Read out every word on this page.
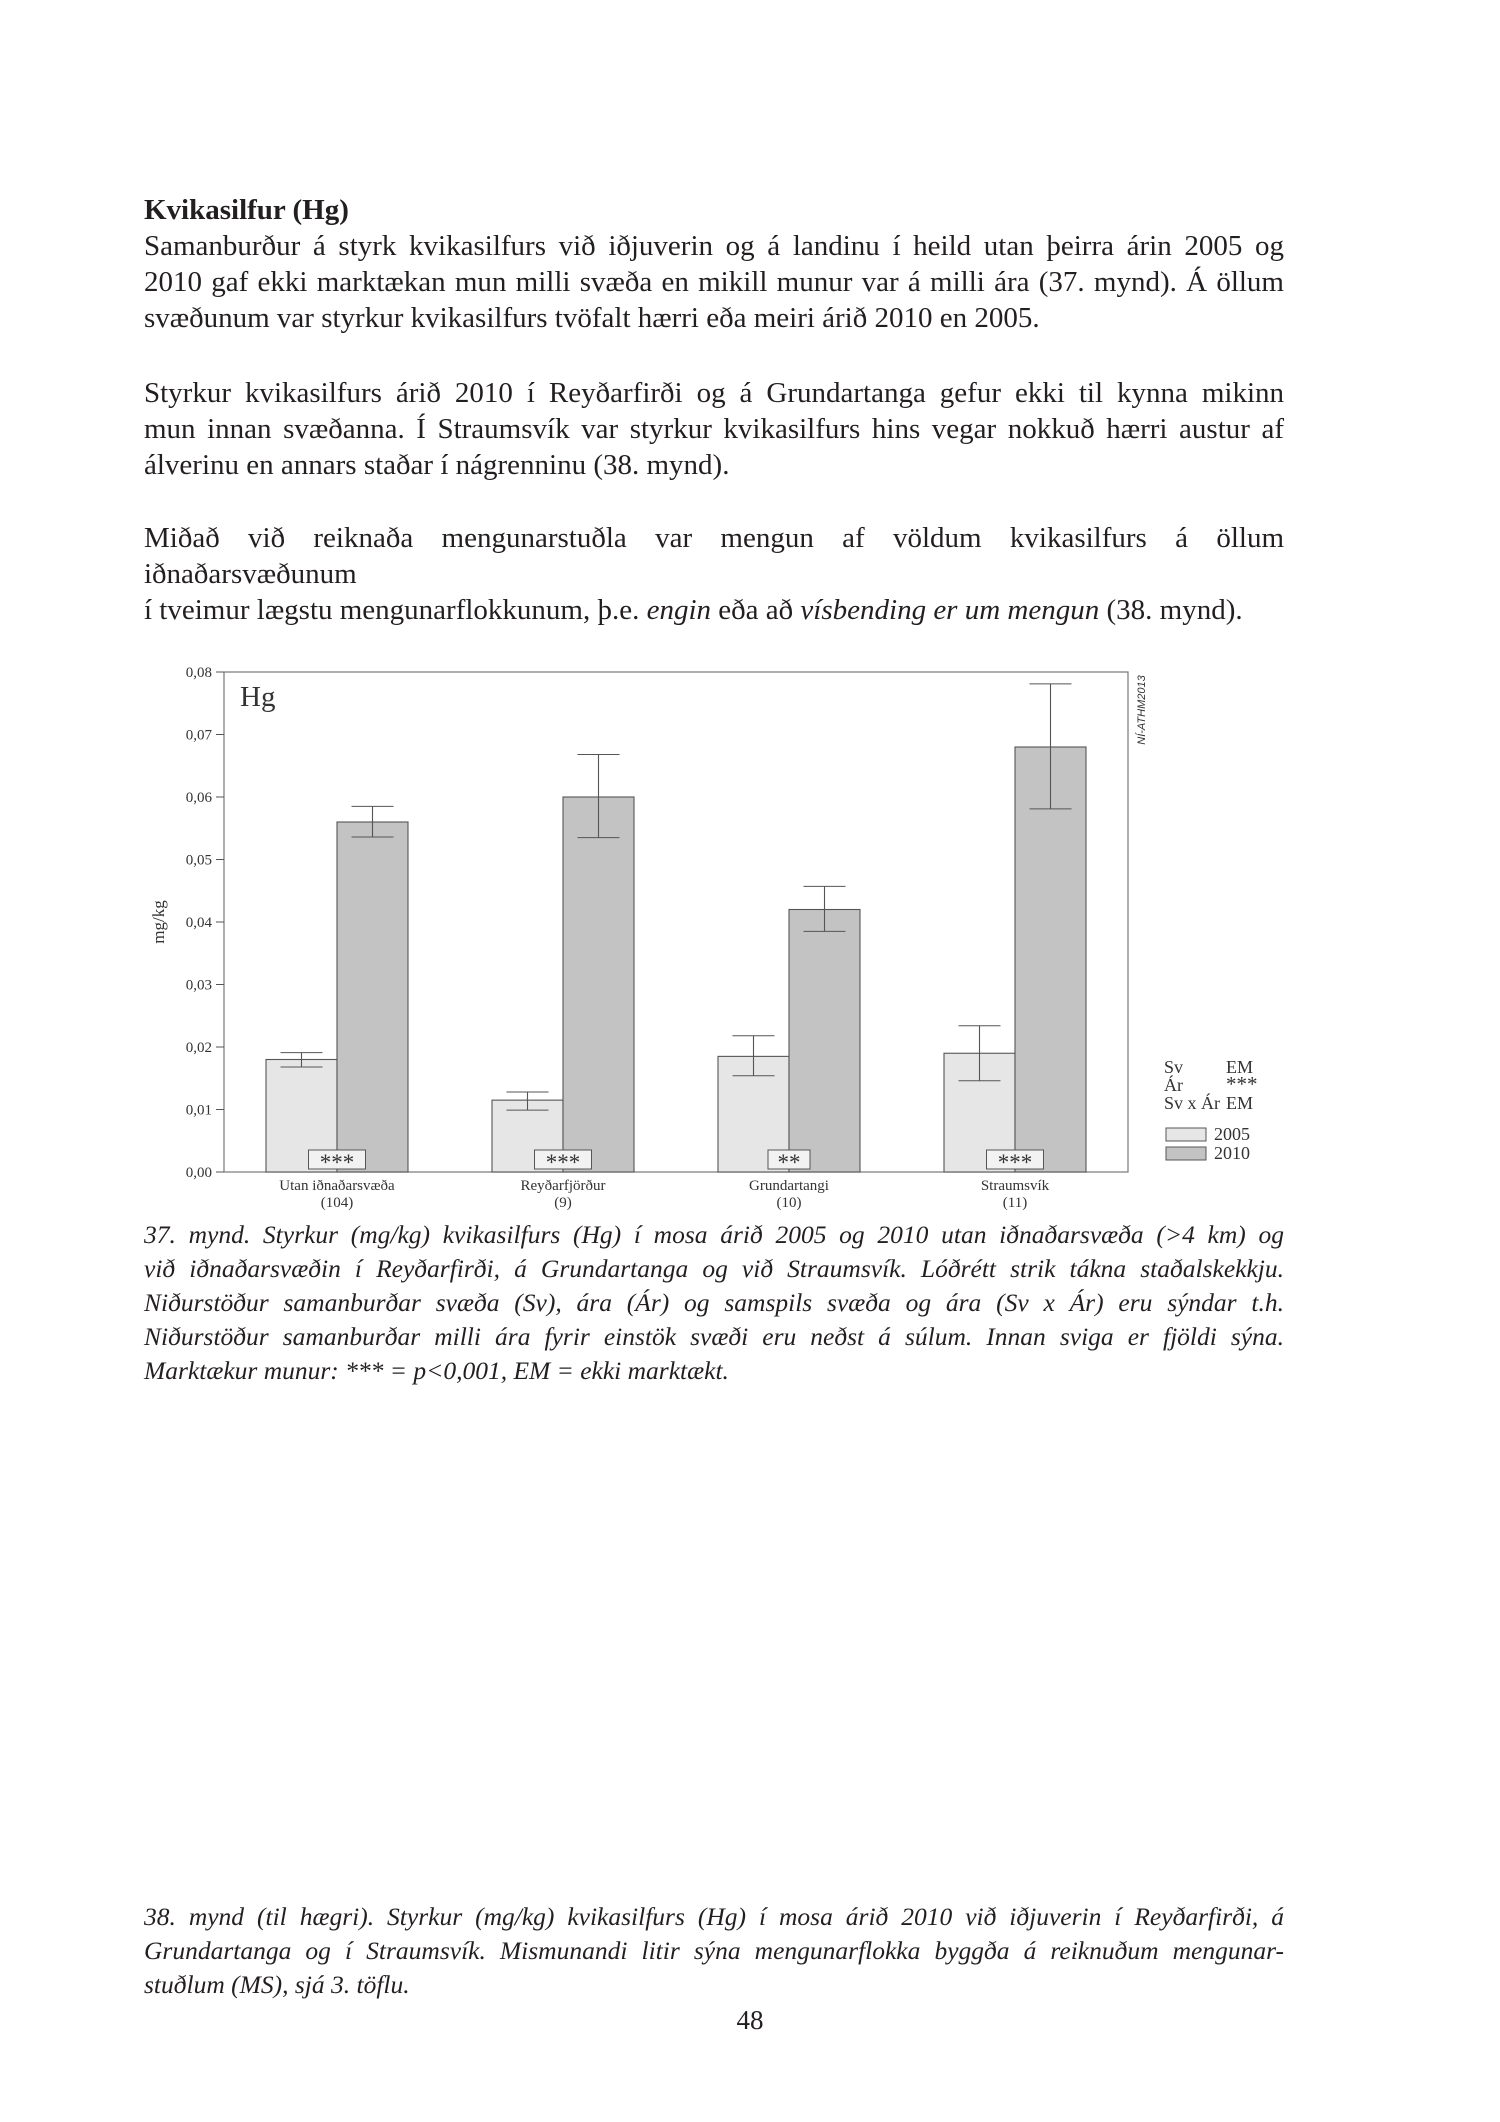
Kvikasilfur (Hg)
Samanburður á styrk kvikasilfurs við iðjuverin og á landinu í heild utan þeirra árin 2005 og
2010 gaf ekki marktækan mun milli svæða en mikill munur var á milli ára (37. mynd). Á öllum
svæðunum var styrkur kvikasilfurs tvöfalt hærri eða meiri árið 2010 en 2005.
Styrkur kvikasilfurs árið 2010 í Reyðarfirði og á Grundartanga gefur ekki til kynna mikinn
mun innan svæðanna. Í Straumsvík var styrkur kvikasilfurs hins vegar nokkuð hærri austur af
álverinu en annars staðar í nágrenninu (38. mynd).
Miðað við reiknaða mengunarstuðla var mengun af völdum kvikasilfurs á öllum iðnaðarsvæðunum
í tveimur lægstu mengunarflokkunum, þ.e. engin eða að vísbending er um mengun (38. mynd).
0,00
0,01
0,02
0,03
0,04
0,05
0,06
0,07
0,08
mg/kg
Hg	NÍ-ATHM2013
***
Utan iðnaðarsvæða
(104)
***
Reyðarfjörður
(9)
**
Grundartangi
(10)
***
Straumsvík
(11)
Sv EM
Ár ***
Sv x Ár EM
2005
2010
37. mynd. Styrkur (mg/kg) kvikasilfurs (Hg) í mosa árið 2005 og 2010 utan iðnaðarsvæða (>4 km) og
við iðnaðarsvæðin í Reyðarfirði, á Grundartanga og við Straumsvík. Lóðrétt strik tákna staðalskekkju.
Niðurstöður samanburðar svæða (Sv), ára (Ár) og samspils svæða og ára (Sv x Ár) eru sýndar t.h.
Niðurstöður samanburðar milli ára fyrir einstök svæði eru neðst á súlum. Innan sviga er fjöldi sýna.
Marktækur munur: *** = p<0,001, EM = ekki marktækt.
38. mynd (til hægri). Styrkur (mg/kg) kvikasilfurs (Hg) í mosa árið 2010 við iðjuverin í Reyðarfirði, á
Grundartanga og í Straumsvík. Mismunandi litir sýna mengunarflokka byggða á reiknuðum mengunar-
stuðlum (MS), sjá 3. töflu.
48
